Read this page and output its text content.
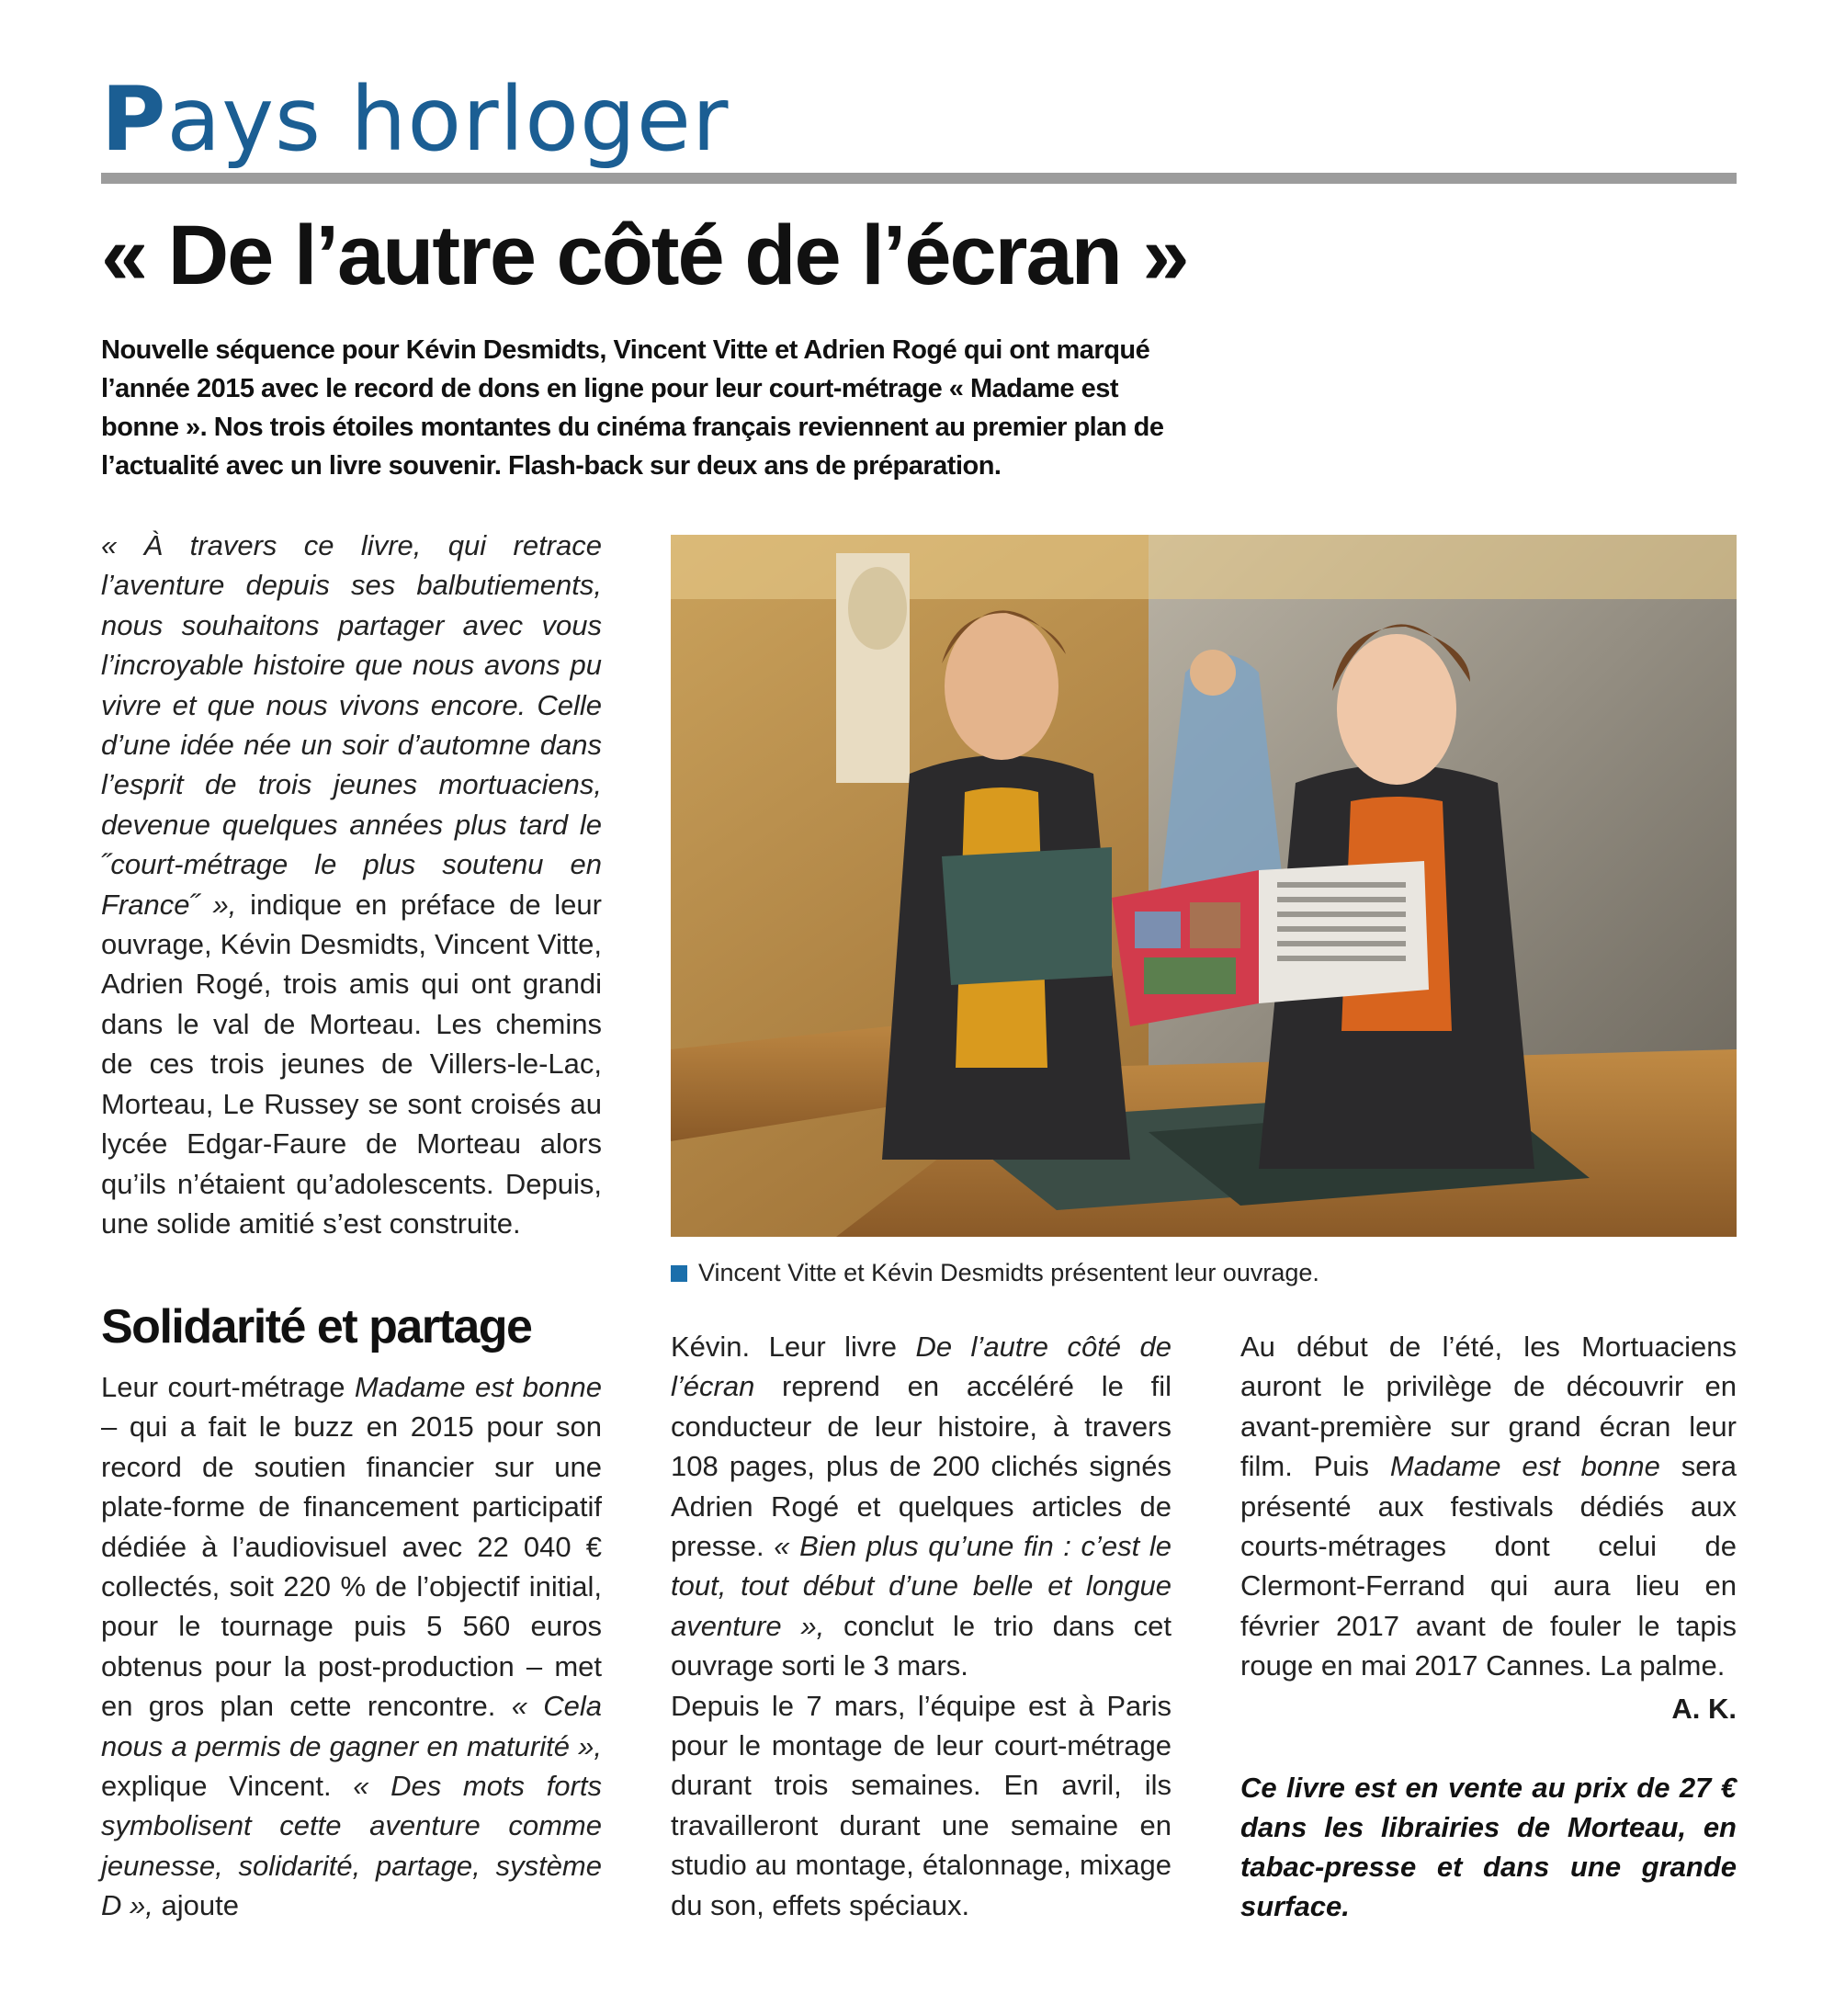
Pays horloger
« De l’autre côté de l’écran »
Nouvelle séquence pour Kévin Desmidts, Vincent Vitte et Adrien Rogé qui ont marqué l’année 2015 avec le record de dons en ligne pour leur court-métrage « Madame est bonne ». Nos trois étoiles montantes du cinéma français reviennent au premier plan de l’actualité avec un livre souvenir. Flash-back sur deux ans de préparation.

« À travers ce livre, qui retrace l’aventure depuis ses balbutiements, nous souhaitons partager avec vous l’incroyable histoire que nous avons pu vivre et que nous vivons encore. Celle d’une idée née un soir d’automne dans l’esprit de trois jeunes mortuaciens, devenue quelques années plus tard le ˝court-métrage le plus soutenu en France˝ », indique en préface de leur ouvrage, Kévin Desmidts, Vincent Vitte, Adrien Rogé, trois amis qui ont grandi dans le val de Morteau. Les chemins de ces trois jeunes de Villers-le-Lac, Morteau, Le Russey se sont croisés au lycée Edgar-Faure de Morteau alors qu’ils n’étaient qu’adolescents. Depuis, une solide amitié s’est construite.

Solidarité et partage

Leur court-métrage Madame est bonne – qui a fait le buzz en 2015 pour son record de soutien financier sur une plate-forme de financement participatif dédiée à l’audiovisuel avec 22 040 € collectés, soit 220 % de l’objectif initial, pour le tournage puis 5 560 euros obtenus pour la post-production – met en gros plan cette rencontre. « Cela nous a permis de gagner en maturité », explique Vincent. « Des mots forts symbolisent cette aventure comme jeunesse, solidarité, partage, système D », ajoute

Vincent Vitte et Kévin Desmidts présentent leur ouvrage.

Kévin. Leur livre De l’autre côté de l’écran reprend en accéléré le fil conducteur de leur histoire, à travers 108 pages, plus de 200 clichés signés Adrien Rogé et quelques articles de presse. « Bien plus qu’une fin : c’est le tout, tout début d’une belle et longue aventure », conclut le trio dans cet ouvrage sorti le 3 mars.

Depuis le 7 mars, l’équipe est à Paris pour le montage de leur court-métrage durant trois semaines. En avril, ils travailleront durant une semaine en studio au montage, étalonnage, mixage du son, effets spéciaux.

Au début de l’été, les Mortuaciens auront le privilège de découvrir en avant-première sur grand écran leur film. Puis Madame est bonne sera présenté aux festivals dédiés aux courts-métrages dont celui de Clermont-Ferrand qui aura lieu en février 2017 avant de fouler le tapis rouge en mai 2017 Cannes. La palme.

A. K.
Ce livre est en vente au prix de 27 € dans les librairies de Morteau, en tabac-presse et dans une grande surface.
